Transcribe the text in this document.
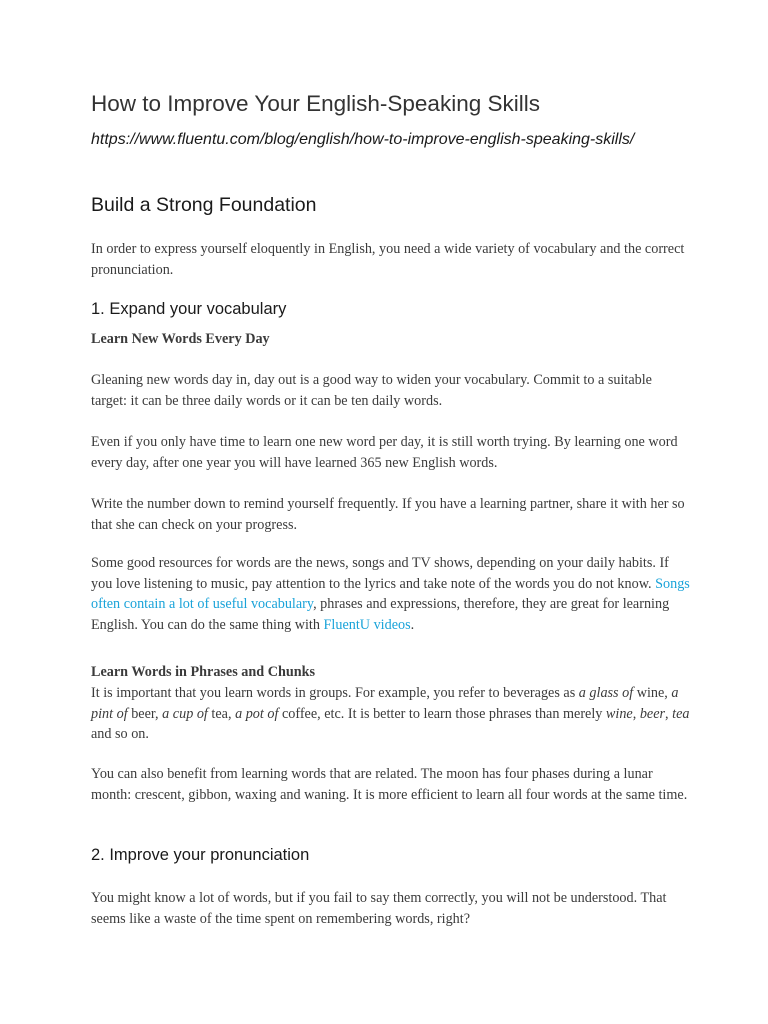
How to Improve Your English-Speaking Skills

https://www.fluentu.com/blog/english/how-to-improve-english-speaking-skills/

Build a Strong Foundation

In order to express yourself eloquently in English, you need a wide variety of vocabulary and the correct pronunciation.

1. Expand your vocabulary

Learn New Words Every Day

Gleaning new words day in, day out is a good way to widen your vocabulary. Commit to a suitable target: it can be three daily words or it can be ten daily words.

Even if you only have time to learn one new word per day, it is still worth trying. By learning one word every day, after one year you will have learned 365 new English words.

Write the number down to remind yourself frequently. If you have a learning partner, share it with her so that she can check on your progress.

Some good resources for words are the news, songs and TV shows, depending on your daily habits. If you love listening to music, pay attention to the lyrics and take note of the words you do not know. Songs often contain a lot of useful vocabulary, phrases and expressions, therefore, they are great for learning English. You can do the same thing with FluentU videos.

Learn Words in Phrases and Chunks

It is important that you learn words in groups. For example, you refer to beverages as a glass of wine, a pint of beer, a cup of tea, a pot of coffee, etc. It is better to learn those phrases than merely wine, beer, tea and so on.

You can also benefit from learning words that are related. The moon has four phases during a lunar month: crescent, gibbon, waxing and waning. It is more efficient to learn all four words at the same time.

2. Improve your pronunciation

You might know a lot of words, but if you fail to say them correctly, you will not be understood. That seems like a waste of the time spent on remembering words, right?
